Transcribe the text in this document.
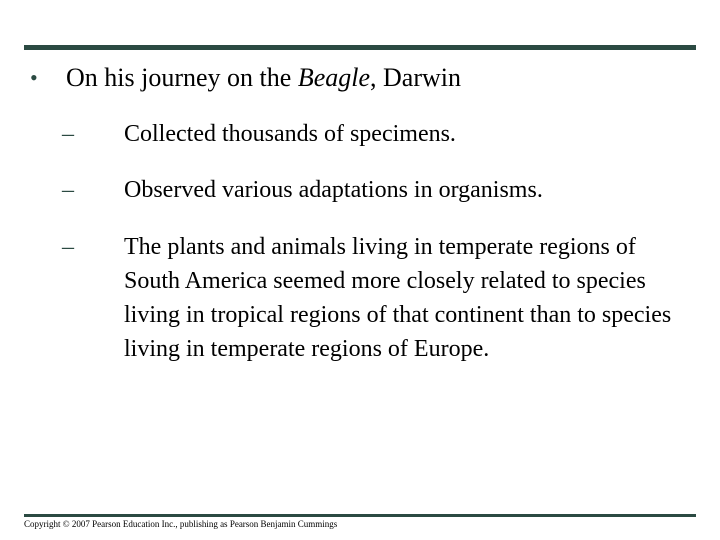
• On his journey on the Beagle, Darwin
– Collected thousands of specimens.
– Observed various adaptations in organisms.
– The plants and animals living in temperate regions of South America seemed more closely related to species living in tropical regions of that continent than to species living in temperate regions of Europe.
Copyright © 2007 Pearson Education Inc., publishing as Pearson Benjamin Cummings
